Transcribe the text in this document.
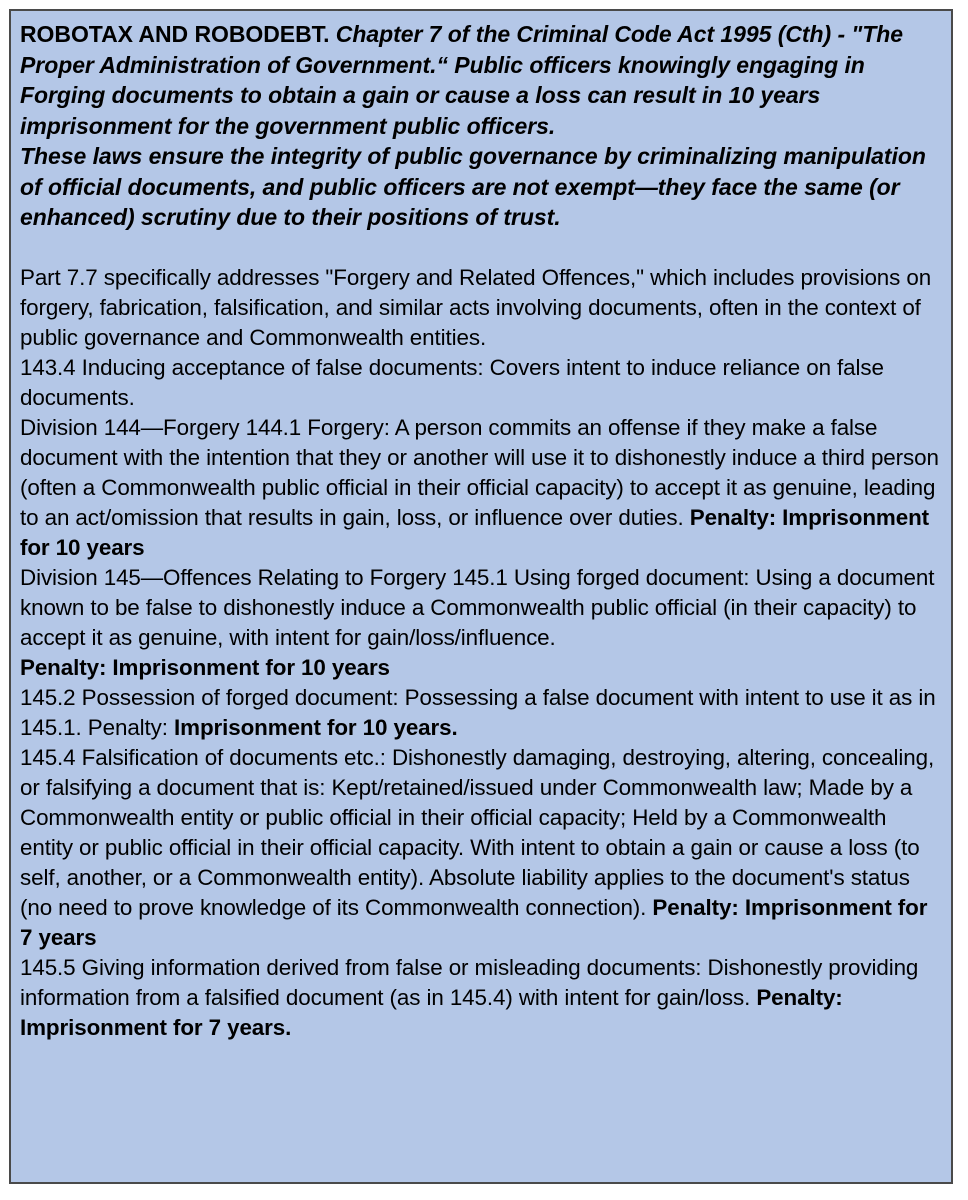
ROBOTAX AND ROBODEBT. Chapter 7 of the Criminal Code Act 1995 (Cth) - "The Proper Administration of Government.“ Public officers knowingly engaging in Forging documents to obtain a gain or cause a loss can result in 10 years imprisonment for the government public officers.
These laws ensure the integrity of public governance by criminalizing manipulation of official documents, and public officers are not exempt—they face the same (or enhanced) scrutiny due to their positions of trust.

Part 7.7 specifically addresses "Forgery and Related Offences," which includes provisions on forgery, fabrication, falsification, and similar acts involving documents, often in the context of public governance and Commonwealth entities.
143.4 Inducing acceptance of false documents: Covers intent to induce reliance on false documents.
Division 144—Forgery 144.1 Forgery: A person commits an offense if they make a false document with the intention that they or another will use it to dishonestly induce a third person (often a Commonwealth public official in their official capacity) to accept it as genuine, leading to an act/omission that results in gain, loss, or influence over duties. Penalty: Imprisonment for 10 years
Division 145—Offences Relating to Forgery 145.1 Using forged document: Using a document known to be false to dishonestly induce a Commonwealth public official (in their capacity) to accept it as genuine, with intent for gain/loss/influence.
Penalty: Imprisonment for 10 years
145.2 Possession of forged document: Possessing a false document with intent to use it as in 145.1. Penalty: Imprisonment for 10 years.
145.4 Falsification of documents etc.: Dishonestly damaging, destroying, altering, concealing, or falsifying a document that is: Kept/retained/issued under Commonwealth law; Made by a Commonwealth entity or public official in their official capacity; Held by a Commonwealth entity or public official in their official capacity. With intent to obtain a gain or cause a loss (to self, another, or a Commonwealth entity). Absolute liability applies to the document's status (no need to prove knowledge of its Commonwealth connection). Penalty: Imprisonment for 7 years
145.5 Giving information derived from false or misleading documents: Dishonestly providing information from a falsified document (as in 145.4) with intent for gain/loss. Penalty: Imprisonment for 7 years.
